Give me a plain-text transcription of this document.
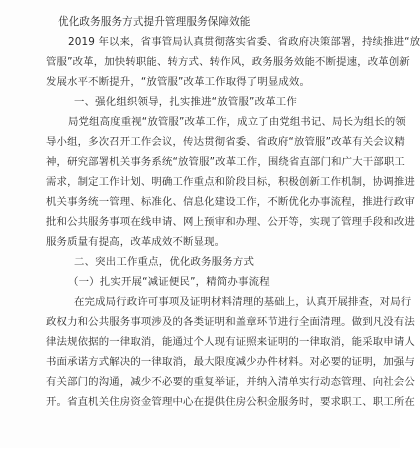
优化政务服务方式提升管理服务保障效能

2019 年以来，省事管局认真贯彻落实省委、省政府决策部署，持续推进“放

管服”改革，加快转职能、转方式、转作风，政务服务效能不断提速，改革创新

发展水平不断提升，“放管服”改革工作取得了明显成效。

一、强化组织领导，扎实推进“放管服”改革工作

局党组高度重视“放管服”改革工作，成立了由党组书记、局长为组长的领

导小组，多次召开工作会议，传达贯彻省委、省政府“放管服”改革有关会议精

神，研究部署机关事务系统“放管服”改革工作，围绕省直部门和广大干部职工

需求，制定工作计划、明确工作重点和阶段目标，积极创新工作机制，协调推进

机关事务统一管理、标准化、信息化建设工作，不断优化办事流程，推进行政审

批和公共服务事项在线申请、网上预审和办理、公开等，实现了管理手段和改进

服务质量有提高，改革成效不断显现。

二、突出工作重点，优化政务服务方式

（一）扎实开展“减证便民”，精简办事流程

在完成局行政许可事项及证明材料清理的基础上，认真开展排查，对局行

政权力和公共服务事项涉及的各类证明和盖章环节进行全面清理。做到凡没有法

律法规依据的一律取消，能通过个人现有证照来证明的一律取消，能采取申请人

书面承诺方式解决的一律取消，最大限度减少办件材料。对必要的证明，加强与

有关部门的沟通，减少不必要的重复举证，并纳入清单实行动态管理、向社会公

开。省直机关住房资金管理中心在提供住房公积金服务时，要求职工、职工所在
